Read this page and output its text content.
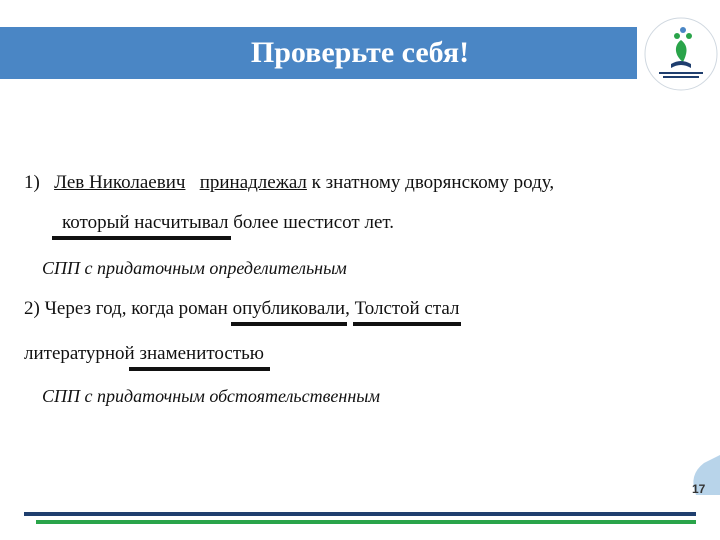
Проверьте себя!
1) Лев Николаевич принадлежал к знатному дворянскому роду,
который насчитывал более шестисот лет.
СПП с придаточным определительным
2) Через год, когда роман опубликовали, Толстой стал
литературной знаменитостью
СПП с придаточным обстоятельственным
17
